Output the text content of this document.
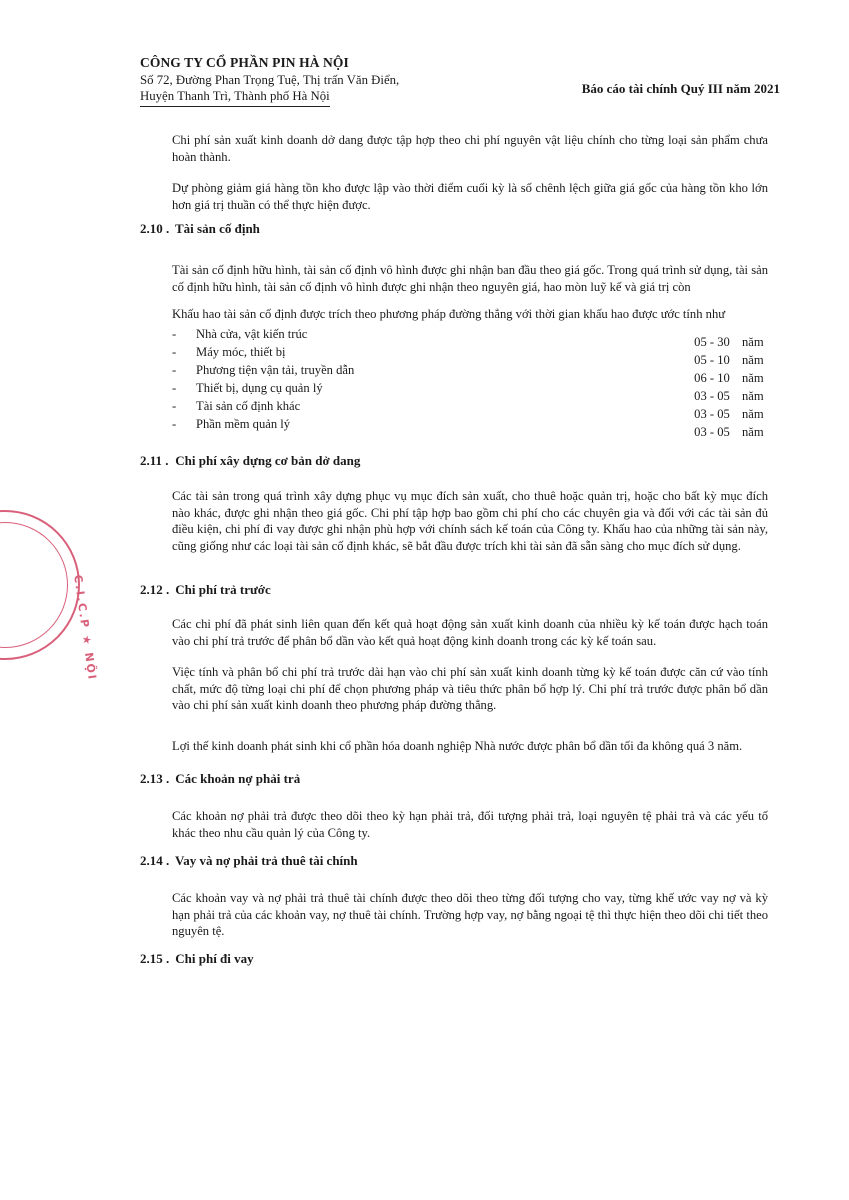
CÔNG TY CỔ PHẦN PIN HÀ NỘI
Số 72, Đường Phan Trọng Tuệ, Thị trấn Văn Điển,
Huyện Thanh Trì, Thành phố Hà Nội
Báo cáo tài chính Quý III năm 2021
Chi phí sản xuất kinh doanh dở dang được tập hợp theo chi phí nguyên vật liệu chính cho từng loại sản phẩm chưa hoàn thành.
Dự phòng giảm giá hàng tồn kho được lập vào thời điểm cuối kỳ là số chênh lệch giữa giá gốc của hàng tồn kho lớn hơn giá trị thuần có thể thực hiện được.
2.10 . Tài sản cố định
Tài sản cố định hữu hình, tài sản cố định vô hình được ghi nhận ban đầu theo giá gốc. Trong quá trình sử dụng, tài sản cố định hữu hình, tài sản cố định vô hình được ghi nhận theo nguyên giá, hao mòn luỹ kế và giá trị còn
Khấu hao tài sản cố định được trích theo phương pháp đường thẳng với thời gian khấu hao được ước tính như
- Nhà cửa, vật kiến trúc
05 - 30 năm
- Máy móc, thiết bị
05 - 10 năm
- Phương tiện vận tải, truyền dẫn
06 - 10 năm
- Thiết bị, dụng cụ quản lý
03 - 05 năm
- Tài sản cố định khác
03 - 05 năm
- Phần mềm quản lý
03 - 05 năm
2.11 . Chi phí xây dựng cơ bản dở dang
Các tài sản trong quá trình xây dựng phục vụ mục đích sản xuất, cho thuê hoặc quản trị, hoặc cho bất kỳ mục đích nào khác, được ghi nhận theo giá gốc. Chi phí tập hợp bao gồm chi phí cho các chuyên gia và đối với các tài sản đủ điều kiện, chi phí đi vay được ghi nhận phù hợp với chính sách kế toán của Công ty. Khấu hao của những tài sản này, cũng giống như các loại tài sản cố định khác, sẽ bắt đầu được trích khi tài sản đã sẵn sàng cho mục đích sử dụng.
2.12 . Chi phí trả trước
Các chi phí đã phát sinh liên quan đến kết quả hoạt động sản xuất kinh doanh của nhiều kỳ kế toán được hạch toán vào chi phí trả trước để phân bổ dần vào kết quả hoạt động kinh doanh trong các kỳ kế toán sau.
Việc tính và phân bổ chi phí trả trước dài hạn vào chi phí sản xuất kinh doanh từng kỳ kế toán được căn cứ vào tính chất, mức độ từng loại chi phí để chọn phương pháp và tiêu thức phân bổ hợp lý. Chi phí trả trước được phân bổ dần vào chi phí sản xuất kinh doanh theo phương pháp đường thẳng.
Lợi thế kinh doanh phát sinh khi cổ phần hóa doanh nghiệp Nhà nước được phân bổ dần tối đa không quá 3 năm.
2.13 . Các khoản nợ phải trả
Các khoản nợ phải trả được theo dõi theo kỳ hạn phải trả, đối tượng phải trả, loại nguyên tệ phải trả và các yếu tố khác theo nhu cầu quản lý của Công ty.
2.14 . Vay và nợ phải trả thuê tài chính
Các khoản vay và nợ phải trả thuê tài chính được theo dõi theo từng đối tượng cho vay, từng khế ước vay nợ và kỳ hạn phải trả của các khoản vay, nợ thuê tài chính. Trường hợp vay, nợ bằng ngoại tệ thì thực hiện theo dõi chi tiết theo nguyên tệ.
2.15 . Chi phí đi vay
C.I.C.P ★ NỘI
